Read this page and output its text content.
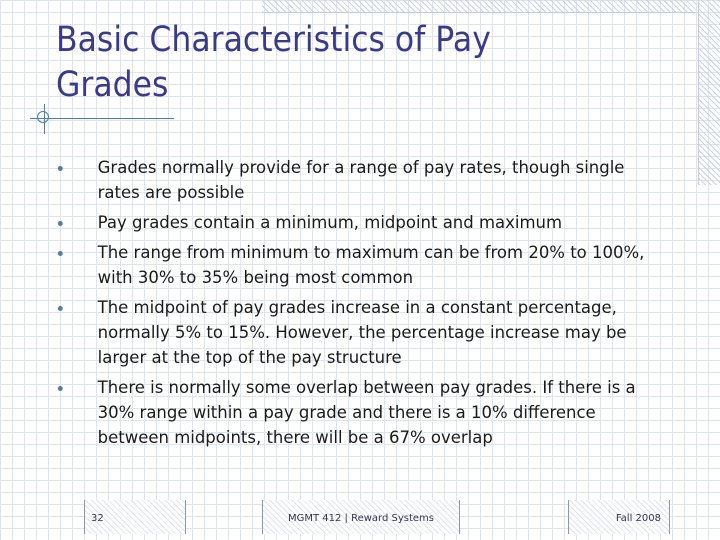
Basic Characteristics of Pay Grades
Grades normally provide for a range of pay rates, though single rates are possible
Pay grades contain a minimum, midpoint and maximum
The range from minimum to maximum can be from 20% to 100%, with 30% to 35% being most common
The midpoint of pay grades increase in a constant percentage, normally 5% to 15%. However, the percentage increase may be larger at the top of the pay structure
There is normally some overlap between pay grades. If there is a 30% range within a pay grade and there is a 10% difference between midpoints, there will be a 67% overlap
32	MGMT 412 | Reward Systems	Fall 2008
